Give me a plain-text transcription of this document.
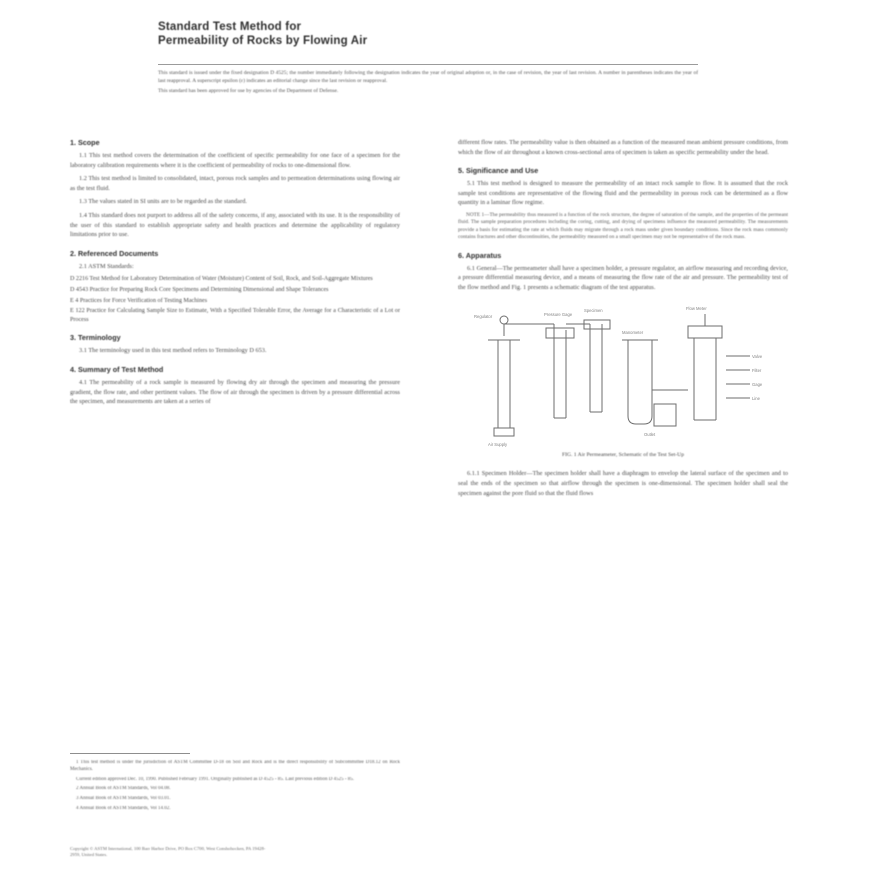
Standard Test Method for
Permeability of Rocks by Flowing Air

This standard is issued under the fixed designation D 4525; the number immediately following the designation indicates the year of original adoption or, in the case of revision, the year of last revision. A number in parentheses indicates the year of last reapproval. A superscript epsilon (ε) indicates an editorial change since the last revision or reapproval.

This standard has been approved for use by agencies of the Department of Defense.

1. Scope

1.1 This test method covers the determination of the coefficient of specific permeability for one face of a specimen for the laboratory calibration requirements where it is the coefficient of permeability of rocks to one-dimensional flow.

1.2 This test method is limited to consolidated, intact, porous rock samples and to permeation determinations using flowing air as the test fluid.

1.3 The values stated in SI units are to be regarded as the standard.

1.4 This standard does not purport to address all of the safety concerns, if any, associated with its use. It is the responsibility of the user of this standard to establish appropriate safety and health practices and determine the applicability of regulatory limitations prior to use.

2. Referenced Documents

2.1 ASTM Standards:

D 2216 Test Method for Laboratory Determination of Water (Moisture) Content of Soil, Rock, and Soil-Aggregate Mixtures

D 4543 Practice for Preparing Rock Core Specimens and Determining Dimensional and Shape Tolerances

E 4 Practices for Force Verification of Testing Machines

E 122 Practice for Calculating Sample Size to Estimate, With a Specified Tolerable Error, the Average for a Characteristic of a Lot or Process

3. Terminology

3.1 The terminology used in this test method refers to Terminology D 653.

4. Summary of Test Method

4.1 The permeability of a rock sample is measured by flowing dry air through the specimen and measuring the pressure gradient, the flow rate, and other pertinent values. The flow of air through the specimen is driven by a pressure differential across the specimen, and measurements are taken at a series of

different flow rates. The permeability value is then obtained as a function of the measured mean ambient pressure conditions, from which the flow of air throughout a known cross-sectional area of specimen is taken as specific permeability under the head.

5. Significance and Use

5.1 This test method is designed to measure the permeability of an intact rock sample to flow. It is assumed that the rock sample test conditions are representative of the flowing fluid and the permeability in porous rock can be determined as a flow quantity in a laminar flow regime.

NOTE 1—The permeability thus measured is a function of the rock structure, the degree of saturation of the sample, and the properties of the permeant fluid. The sample preparation procedures including the coring, cutting, and drying of specimens influence the measured permeability. The measurements provide a basis for estimating the rate at which fluids may migrate through a rock mass under given boundary conditions. Since the rock mass commonly contains fractures and other discontinuities, the permeability measured on a small specimen may not be representative of the rock mass.

6. Apparatus

6.1 General—The permeameter shall have a specimen holder, a pressure regulator, an airflow measuring and recording device, a pressure differential measuring device, and a means of measuring the flow rate of the air and pressure. The permeability test of the flow method and Fig. 1 presents a schematic diagram of the test apparatus.

Regulator	Pressure Gage
Specimen
Manometer
Flow Meter
Air Supply
Outlet
Valve
Filter
Gage
Line
FIG. 1 Air Permeameter, Schematic of the Test Set-Up

6.1.1 Specimen Holder—The specimen holder shall have a diaphragm to envelop the lateral surface of the specimen and to seal the ends of the specimen so that airflow through the specimen is one-dimensional. The specimen holder shall seal the specimen against the pore fluid so that the fluid flows

1 This test method is under the jurisdiction of ASTM Committee D-18 on Soil and Rock and is the direct responsibility of Subcommittee D18.12 on Rock Mechanics.

Current edition approved Dec. 10, 1990. Published February 1991. Originally published as D 4525 - 85. Last previous edition D 4525 - 85.

2 Annual Book of ASTM Standards, Vol 04.08.

3 Annual Book of ASTM Standards, Vol 03.01.

4 Annual Book of ASTM Standards, Vol 14.02.

Copyright © ASTM International, 100 Barr Harbor Drive, PO Box C700, West Conshohocken, PA 19428-2959, United States.
